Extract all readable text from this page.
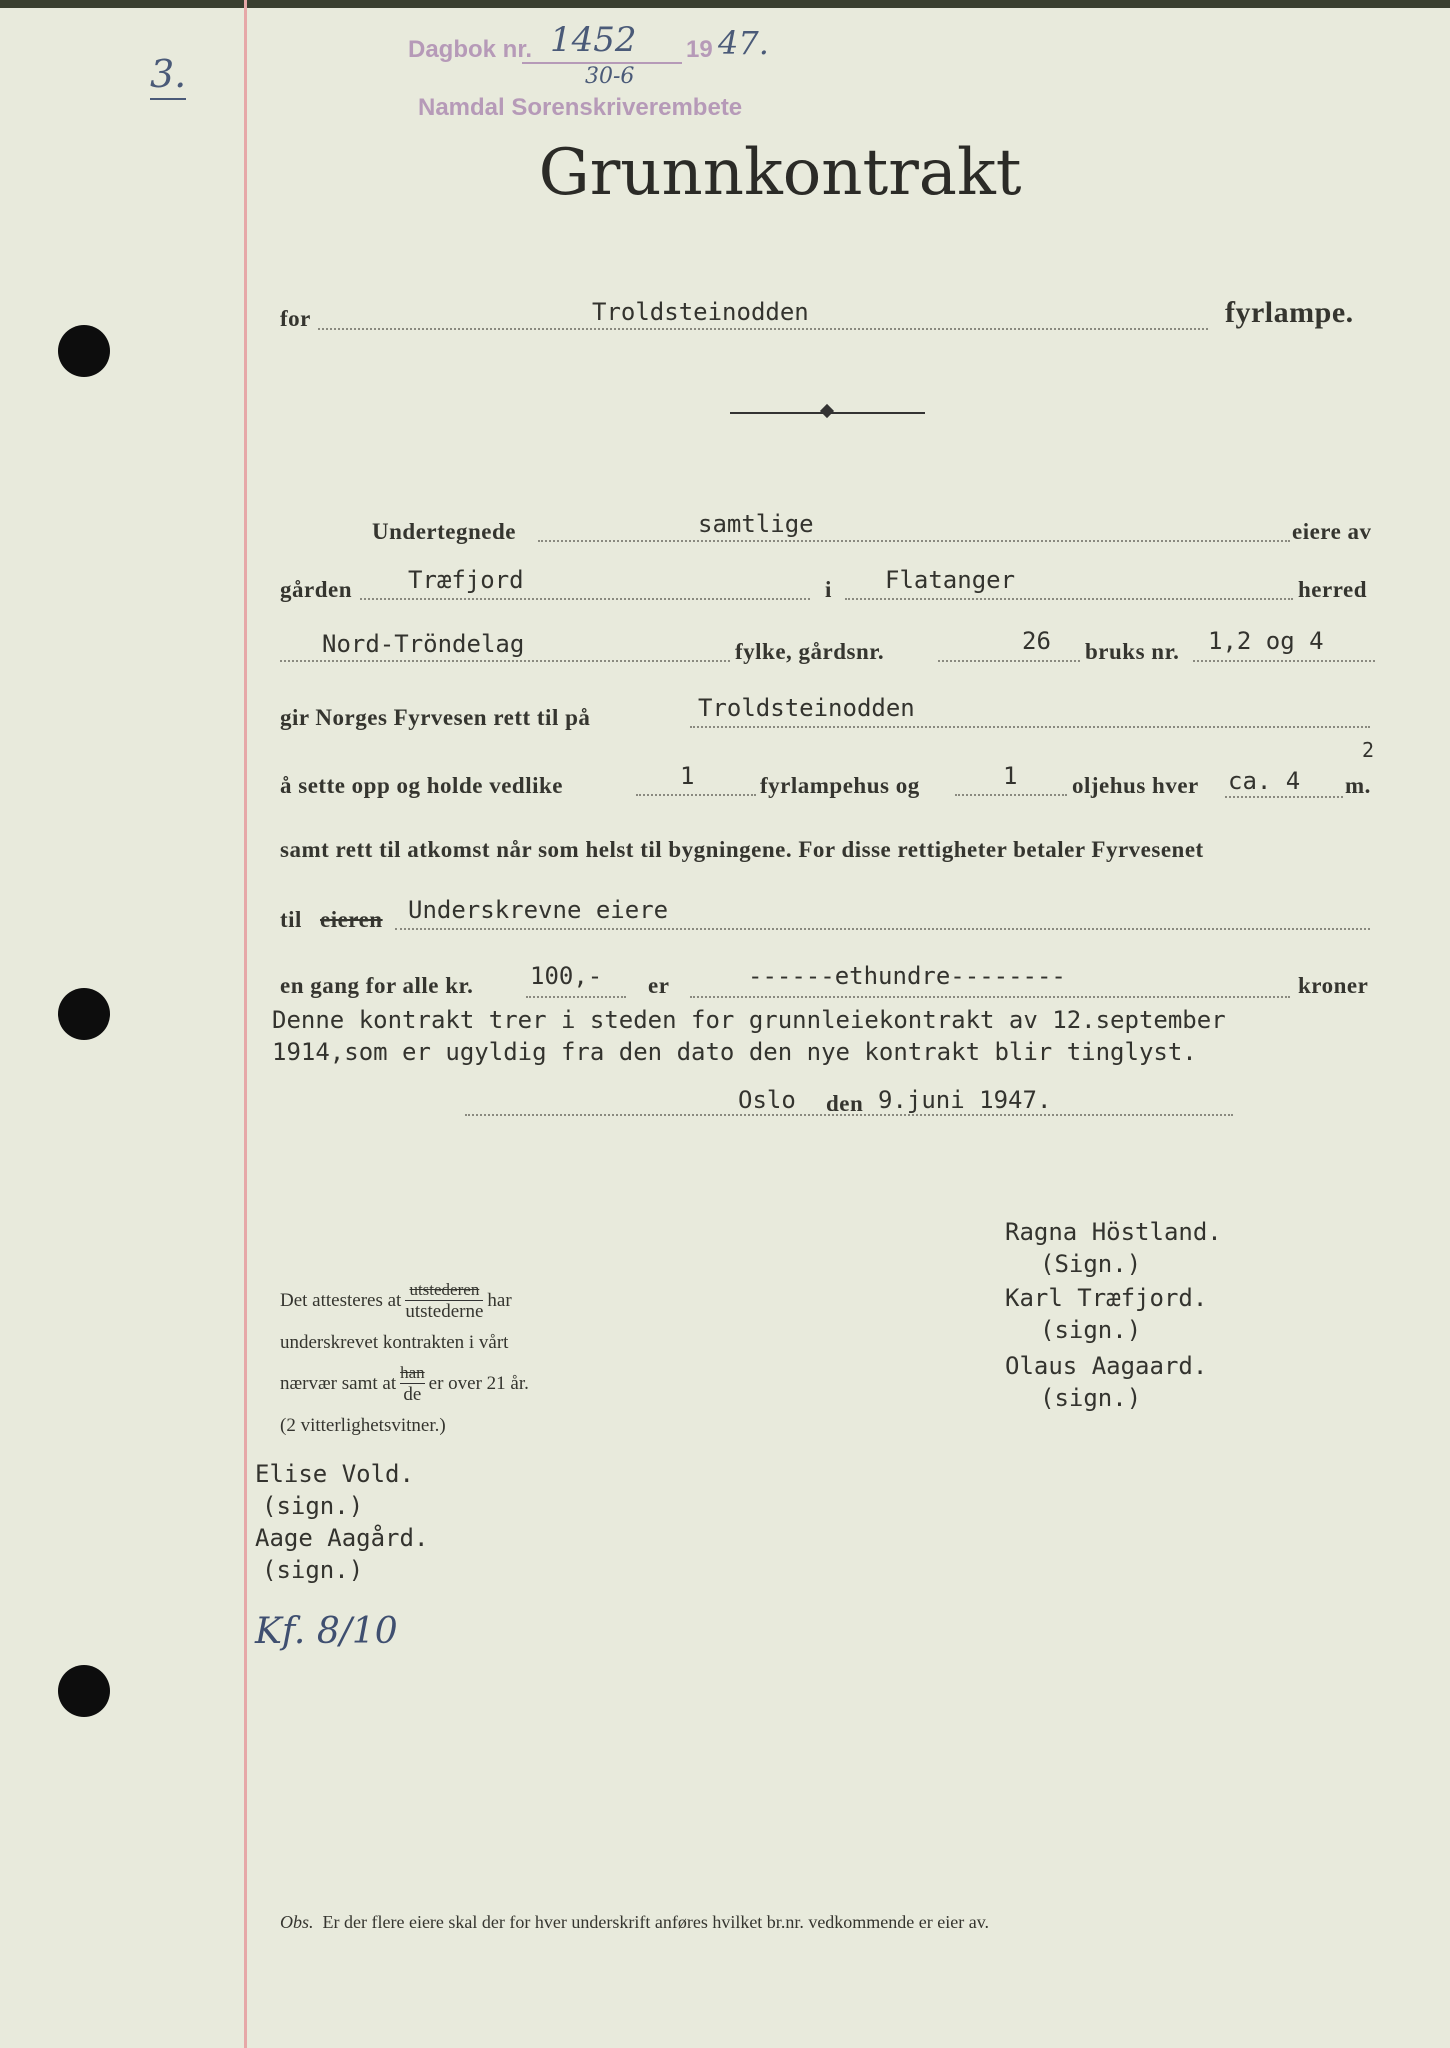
3.
Dagbok nr. 1452 19 47.
30-6
Namdal Sorenskriverembete
Grunnkontrakt
for	Troldsteinodden	fyrlampe.
Undertegnede	samtlige	eiere av
gården Træfjord	i Flatanger	herred
Nord-Tröndelag	fylke, gårdsnr.	26 bruks nr. 1,2 og 4
gir Norges Fyrvesen rett til på	Troldsteinodden
å sette opp og holde vedlike	1	fyrlampehus og	1 oljehus hver ca. 4 m.
2
samt rett til atkomst når som helst til bygningene. For disse rettigheter betaler Fyrvesenet
til eieren Underskrevne eiere
en gang for alle kr. 100,- er	------ethundre--------	kroner
Denne kontrakt trer i steden for grunnleiekontrakt av 12.september
1914,som er ugyldig fra den dato den nye kontrakt blir tinglyst.
Oslo den 9.juni 1947.
Ragna Höstland.
(Sign.)
Karl Træfjord.
(sign.)
Olaus Aagaard.
(sign.)
Det attesteres at $\frac{\text{utstederen}}{\text{utstederne}}$ har
underskrevet kontrakten i vårt
nærvær samt at $\frac{\text{han}}{de}$ er over 21 år.
(2 vitterlighetsvitner.)
Elise Vold.
(sign.)
Aage Aagård.
(sign.)
Kf. 8/10
Obs. Er der flere eiere skal der for hver underskrift anføres hvilket br.nr. vedkommende er eier av.
